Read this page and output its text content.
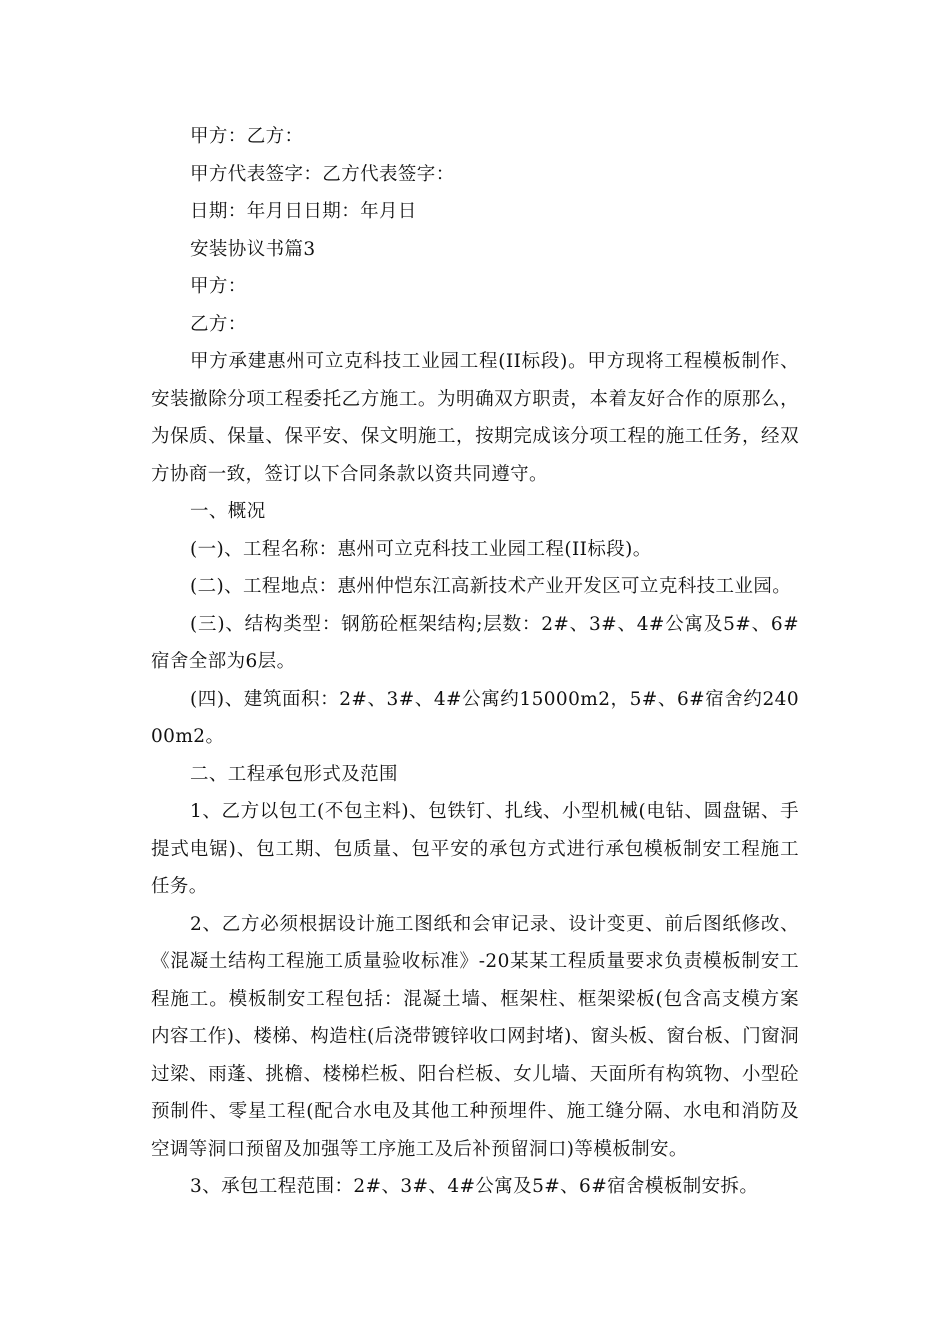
甲方：乙方：

甲方代表签字：乙方代表签字：

日期：年月日日期：年月日

安装协议书篇3

甲方：

乙方：

甲方承建惠州可立克科技工业园工程(II标段)。甲方现将工程模板制作、安装撤除分项工程委托乙方施工。为明确双方职责，本着友好合作的原那么，为保质、保量、保平安、保文明施工，按期完成该分项工程的施工任务，经双方协商一致，签订以下合同条款以资共同遵守。

一、概况

(一)、工程名称：惠州可立克科技工业园工程(II标段)。

(二)、工程地点：惠州仲恺东江高新技术产业开发区可立克科技工业园。

(三)、结构类型：钢筋砼框架结构;层数：2#、3#、4#公寓及5#、6#宿舍全部为6层。

(四)、建筑面积：2#、3#、4#公寓约15000m2，5#、6#宿舍约24000m2。

二、工程承包形式及范围

1、乙方以包工(不包主料)、包铁钉、扎线、小型机械(电钻、圆盘锯、手提式电锯)、包工期、包质量、包平安的承包方式进行承包模板制安工程施工任务。

2、乙方必须根据设计施工图纸和会审记录、设计变更、前后图纸修改、《混凝土结构工程施工质量验收标准》-20某某工程质量要求负责模板制安工程施工。模板制安工程包括：混凝土墙、框架柱、框架梁板(包含高支模方案内容工作)、楼梯、构造柱(后浇带镀锌收口网封堵)、窗头板、窗台板、门窗洞过梁、雨蓬、挑檐、楼梯栏板、阳台栏板、女儿墙、天面所有构筑物、小型砼预制件、零星工程(配合水电及其他工种预埋件、施工缝分隔、水电和消防及空调等洞口预留及加强等工序施工及后补预留洞口)等模板制安。

3、承包工程范围：2#、3#、4#公寓及5#、6#宿舍模板制安拆。
